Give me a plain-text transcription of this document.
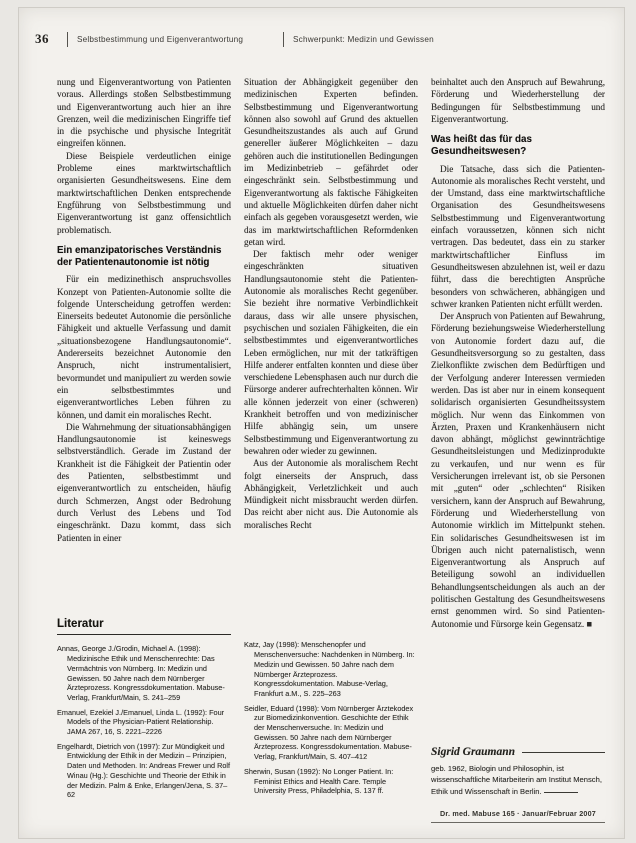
36	Selbstbestimmung und Eigenverantwortung	Schwerpunkt: Medizin und Gewissen

nung und Eigenverantwortung von Patienten voraus. Allerdings stoßen Selbstbestimmung und Eigenverantwortung auch hier an ihre Grenzen, weil die medizinischen Eingriffe tief in die psychische und physische Integrität eingreifen können.

Diese Beispiele verdeutlichen einige Probleme eines marktwirtschaftlich organisierten Gesundheitswesens. Eine dem marktwirtschaftlichen Denken entsprechende Engführung von Selbstbestimmung und Eigenverantwortung ist ganz offensichtlich problematisch.

Ein emanzipatorisches Verständnis der Patientenautonomie ist nötig

Für ein medizinethisch anspruchsvolles Konzept von Patienten-Autonomie sollte die folgende Unterscheidung getroffen werden: Einerseits bedeutet Autonomie die persönliche Fähigkeit und aktuelle Verfassung und damit „situationsbezogene Handlungsautonomie“. Andererseits bezeichnet Autonomie den Anspruch, nicht instrumentalisiert, bevormundet und manipuliert zu werden sowie ein selbstbestimmtes und eigenverantwortliches Leben führen zu können, und damit ein moralisches Recht.

Die Wahrnehmung der situationsabhängigen Handlungsautonomie ist keineswegs selbstverständlich. Gerade im Zustand der Krankheit ist die Fähigkeit der Patientin oder des Patienten, selbstbestimmt und eigenverantwortlich zu entscheiden, häufig durch Schmerzen, Angst oder Bedrohung durch Verlust des Lebens und Tod eingeschränkt. Dazu kommt, dass sich Patienten in einer

Literatur

Annas, George J./Grodin, Michael A. (1998): Medizinische Ethik und Menschenrechte: Das Vermächtnis von Nürnberg. In: Medizin und Gewissen. 50 Jahre nach dem Nürnberger Ärzteprozess. Kongressdokumentation. Mabuse-Verlag, Frankfurt/Main, S. 241–259

Emanuel, Ezekiel J./Emanuel, Linda L. (1992): Four Models of the Physician-Patient Relationship. JAMA 267, 16, S. 2221–2226

Engelhardt, Dietrich von (1997): Zur Mündigkeit und Entwicklung der Ethik in der Medizin – Prinzipien, Daten und Methoden. In: Andreas Frewer und Rolf Winau (Hg.): Geschichte und Theorie der Ethik in der Medizin. Palm & Enke, Erlangen/Jena, S. 37–62

Situation der Abhängigkeit gegenüber den medizinischen Experten befinden. Selbstbestimmung und Eigenverantwortung können also sowohl auf Grund des aktuellen Gesundheitszustandes als auch auf Grund genereller äußerer Möglichkeiten – dazu gehören auch die institutionellen Bedingungen im Medizinbetrieb – gefährdet oder eingeschränkt sein. Selbstbestimmung und Eigenverantwortung als faktische Fähigkeiten und aktuelle Möglichkeiten dürfen daher nicht einfach als gegeben vorausgesetzt werden, wie das im marktwirtschaftlichen Reformdenken getan wird.

Der faktisch mehr oder weniger eingeschränkten situativen Handlungsautonomie steht die Patienten-Autonomie als moralisches Recht gegenüber. Sie bezieht ihre normative Verbindlichkeit daraus, dass wir alle unsere physischen, psychischen und sozialen Fähigkeiten, die ein selbstbestimmtes und eigenverantwortliches Leben ermöglichen, nur mit der tatkräftigen Hilfe anderer entfalten konnten und diese über verschiedene Lebensphasen auch nur durch die Fürsorge anderer aufrechterhalten können. Wir alle können jederzeit von einer (schweren) Krankheit betroffen und von medizinischer Hilfe abhängig sein, um unsere Selbstbestimmung und Eigenverantwortung zu bewahren oder wieder zu gewinnen.

Aus der Autonomie als moralischem Recht folgt einerseits der Anspruch, dass Abhängigkeit, Verletzlichkeit und auch Mündigkeit nicht missbraucht werden dürfen. Das reicht aber nicht aus. Die Autonomie als moralisches Recht

Katz, Jay (1998): Menschenopfer und Menschenversuche: Nachdenken in Nürnberg. In: Medizin und Gewissen. 50 Jahre nach dem Nürnberger Ärzteprozess. Kongressdokumentation. Mabuse-Verlag, Frankfurt a.M., S. 225–263

Seidler, Eduard (1998): Vom Nürnberger Ärztekodex zur Biomedizinkonvention. Geschichte der Ethik der Menschenversuche. In: Medizin und Gewissen. 50 Jahre nach dem Nürnberger Ärzteprozess. Kongressdokumentation. Mabuse-Verlag, Frankfurt/Main, S. 407–412

Sherwin, Susan (1992): No Longer Patient. In: Feminist Ethics and Health Care. Temple University Press, Philadelphia, S. 137 ff.

beinhaltet auch den Anspruch auf Bewahrung, Förderung und Wiederherstellung der Bedingungen für Selbstbestimmung und Eigenverantwortung.

Was heißt das für das Gesundheitswesen?

Die Tatsache, dass sich die Patienten-Autonomie als moralisches Recht versteht, und der Umstand, dass eine marktwirtschaftliche Organisation des Gesundheitswesens Selbstbestimmung und Eigenverantwortung einfach voraussetzen, können sich nicht vertragen. Das bedeutet, dass ein zu starker marktwirtschaftlicher Einfluss im Gesundheitswesen abzulehnen ist, weil er dazu führt, dass die berechtigten Ansprüche besonders von schwächeren, abhängigen und schwer kranken Patienten nicht erfüllt werden.

Der Anspruch von Patienten auf Bewahrung, Förderung beziehungsweise Wiederherstellung von Autonomie fordert dazu auf, die Gesundheitsversorgung so zu gestalten, dass Zielkonflikte zwischen dem Bedürftigen und der Verfolgung anderer Interessen vermieden werden. Das ist aber nur in einem konsequent solidarisch organisierten Gesundheitssystem möglich. Nur wenn das Einkommen von Ärzten, Praxen und Krankenhäusern nicht davon abhängt, möglichst gewinnträchtige Gesundheitsleistungen und Medizinprodukte zu verkaufen, und nur wenn es für Versicherungen irrelevant ist, ob sie Personen mit „guten“ oder „schlechten“ Risiken versichern, kann der Anspruch auf Bewahrung, Förderung und Wiederherstellung von Autonomie wirklich im Mittelpunkt stehen. Ein solidarisches Gesundheitswesen ist im Übrigen auch nicht paternalistisch, wenn Eigenverantwortung als Anspruch auf Beteiligung sowohl an individuellen Behandlungsentscheidungen als auch an der politischen Gestaltung des Gesundheitswesens ernst genommen wird. So sind Patienten-Autonomie und Fürsorge kein Gegensatz. ■

Sigrid Graumann

geb. 1962, Biologin und Philosophin, ist wissenschaftliche Mitarbeiterin am Institut Mensch, Ethik und Wissenschaft in Berlin.

Dr. med. Mabuse 165 · Januar/Februar 2007
